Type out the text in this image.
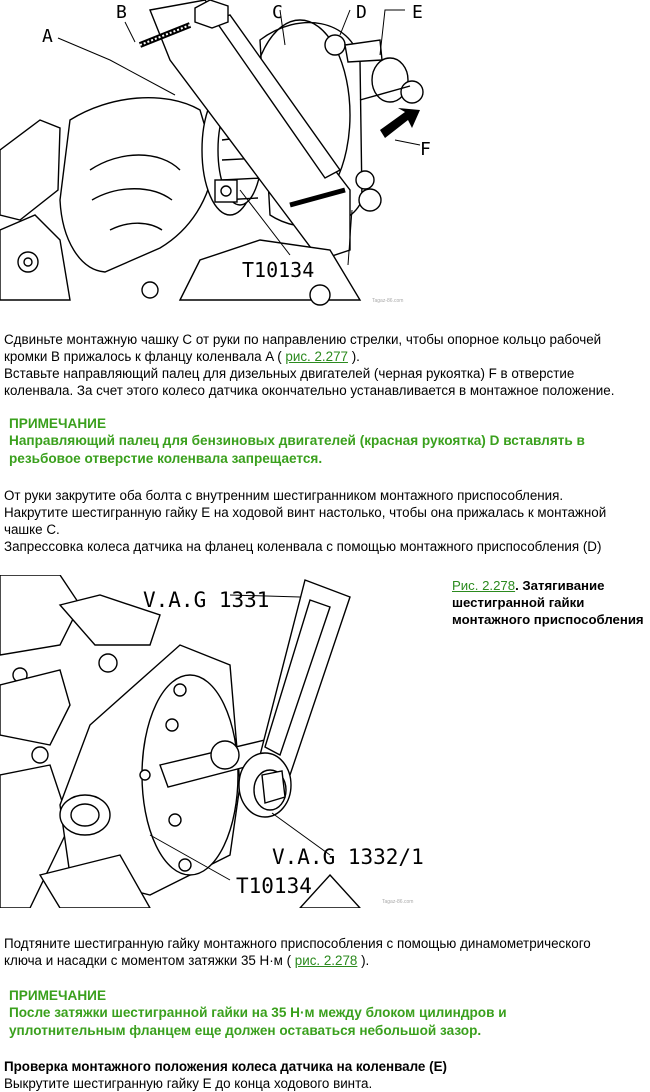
A
B	C	D	E
F
T10134
Tagaz-86.com

Сдвиньте монтажную чашку C от руки по направлению стрелки, чтобы опорное кольцо рабочей

кромки B прижалось к фланцу коленвала A ( рис. 2.277 ).

Вставьте направляющий палец для дизельных двигателей (черная рукоятка) F в отверстие

коленвала. За счет этого колесо датчика окончательно устанавливается в монтажное положение.

ПРИМЕЧАНИЕ
Направляющий палец для бензиновых двигателей (красная рукоятка) D вставлять в
резьбовое отверстие коленвала запрещается.

От руки закрутите оба болта с внутренним шестигранником монтажного приспособления.

Накрутите шестигранную гайку E на ходовой винт настолько, чтобы она прижалась к монтажной

чашке C.

Запрессовка колеса датчика на фланец коленвала с помощью монтажного приспособления (D)

V.A.G 1331
V.A.G 1332/1
T10134
Tagaz-86.com
Рис. 2.278. Затягивание шестигранной гайки монтажного приспособления

Подтяните шестигранную гайку монтажного приспособления с помощью динамометрического

ключа и насадки с моментом затяжки 35 Н·м ( рис. 2.278 ).

ПРИМЕЧАНИЕ
После затяжки шестигранной гайки на 35 Н·м между блоком цилиндров и
уплотнительным фланцем еще должен оставаться небольшой зазор.

Проверка монтажного положения колеса датчика на коленвале (E)

Выкрутите шестигранную гайку E до конца ходового винта.
